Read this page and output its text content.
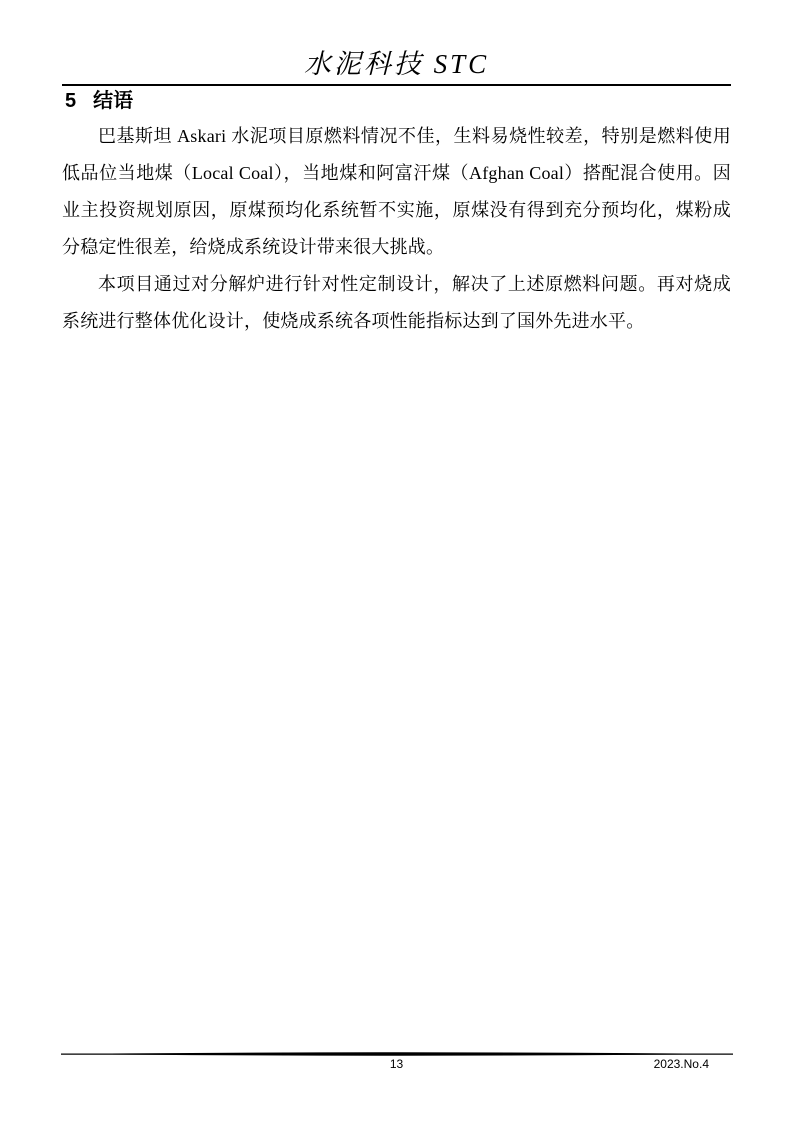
水泥科技 STC
5 结语

巴基斯坦 Askari 水泥项目原燃料情况不佳，生料易烧性较差，特别是燃料使用低品位当地煤（Local Coal），当地煤和阿富汗煤（Afghan Coal）搭配混合使用。因业主投资规划原因，原煤预均化系统暂不实施，原煤没有得到充分预均化，煤粉成分稳定性很差，给烧成系统设计带来很大挑战。

本项目通过对分解炉进行针对性定制设计，解决了上述原燃料问题。再对烧成系统进行整体优化设计，使烧成系统各项性能指标达到了国外先进水平。

13	2023.No.4
